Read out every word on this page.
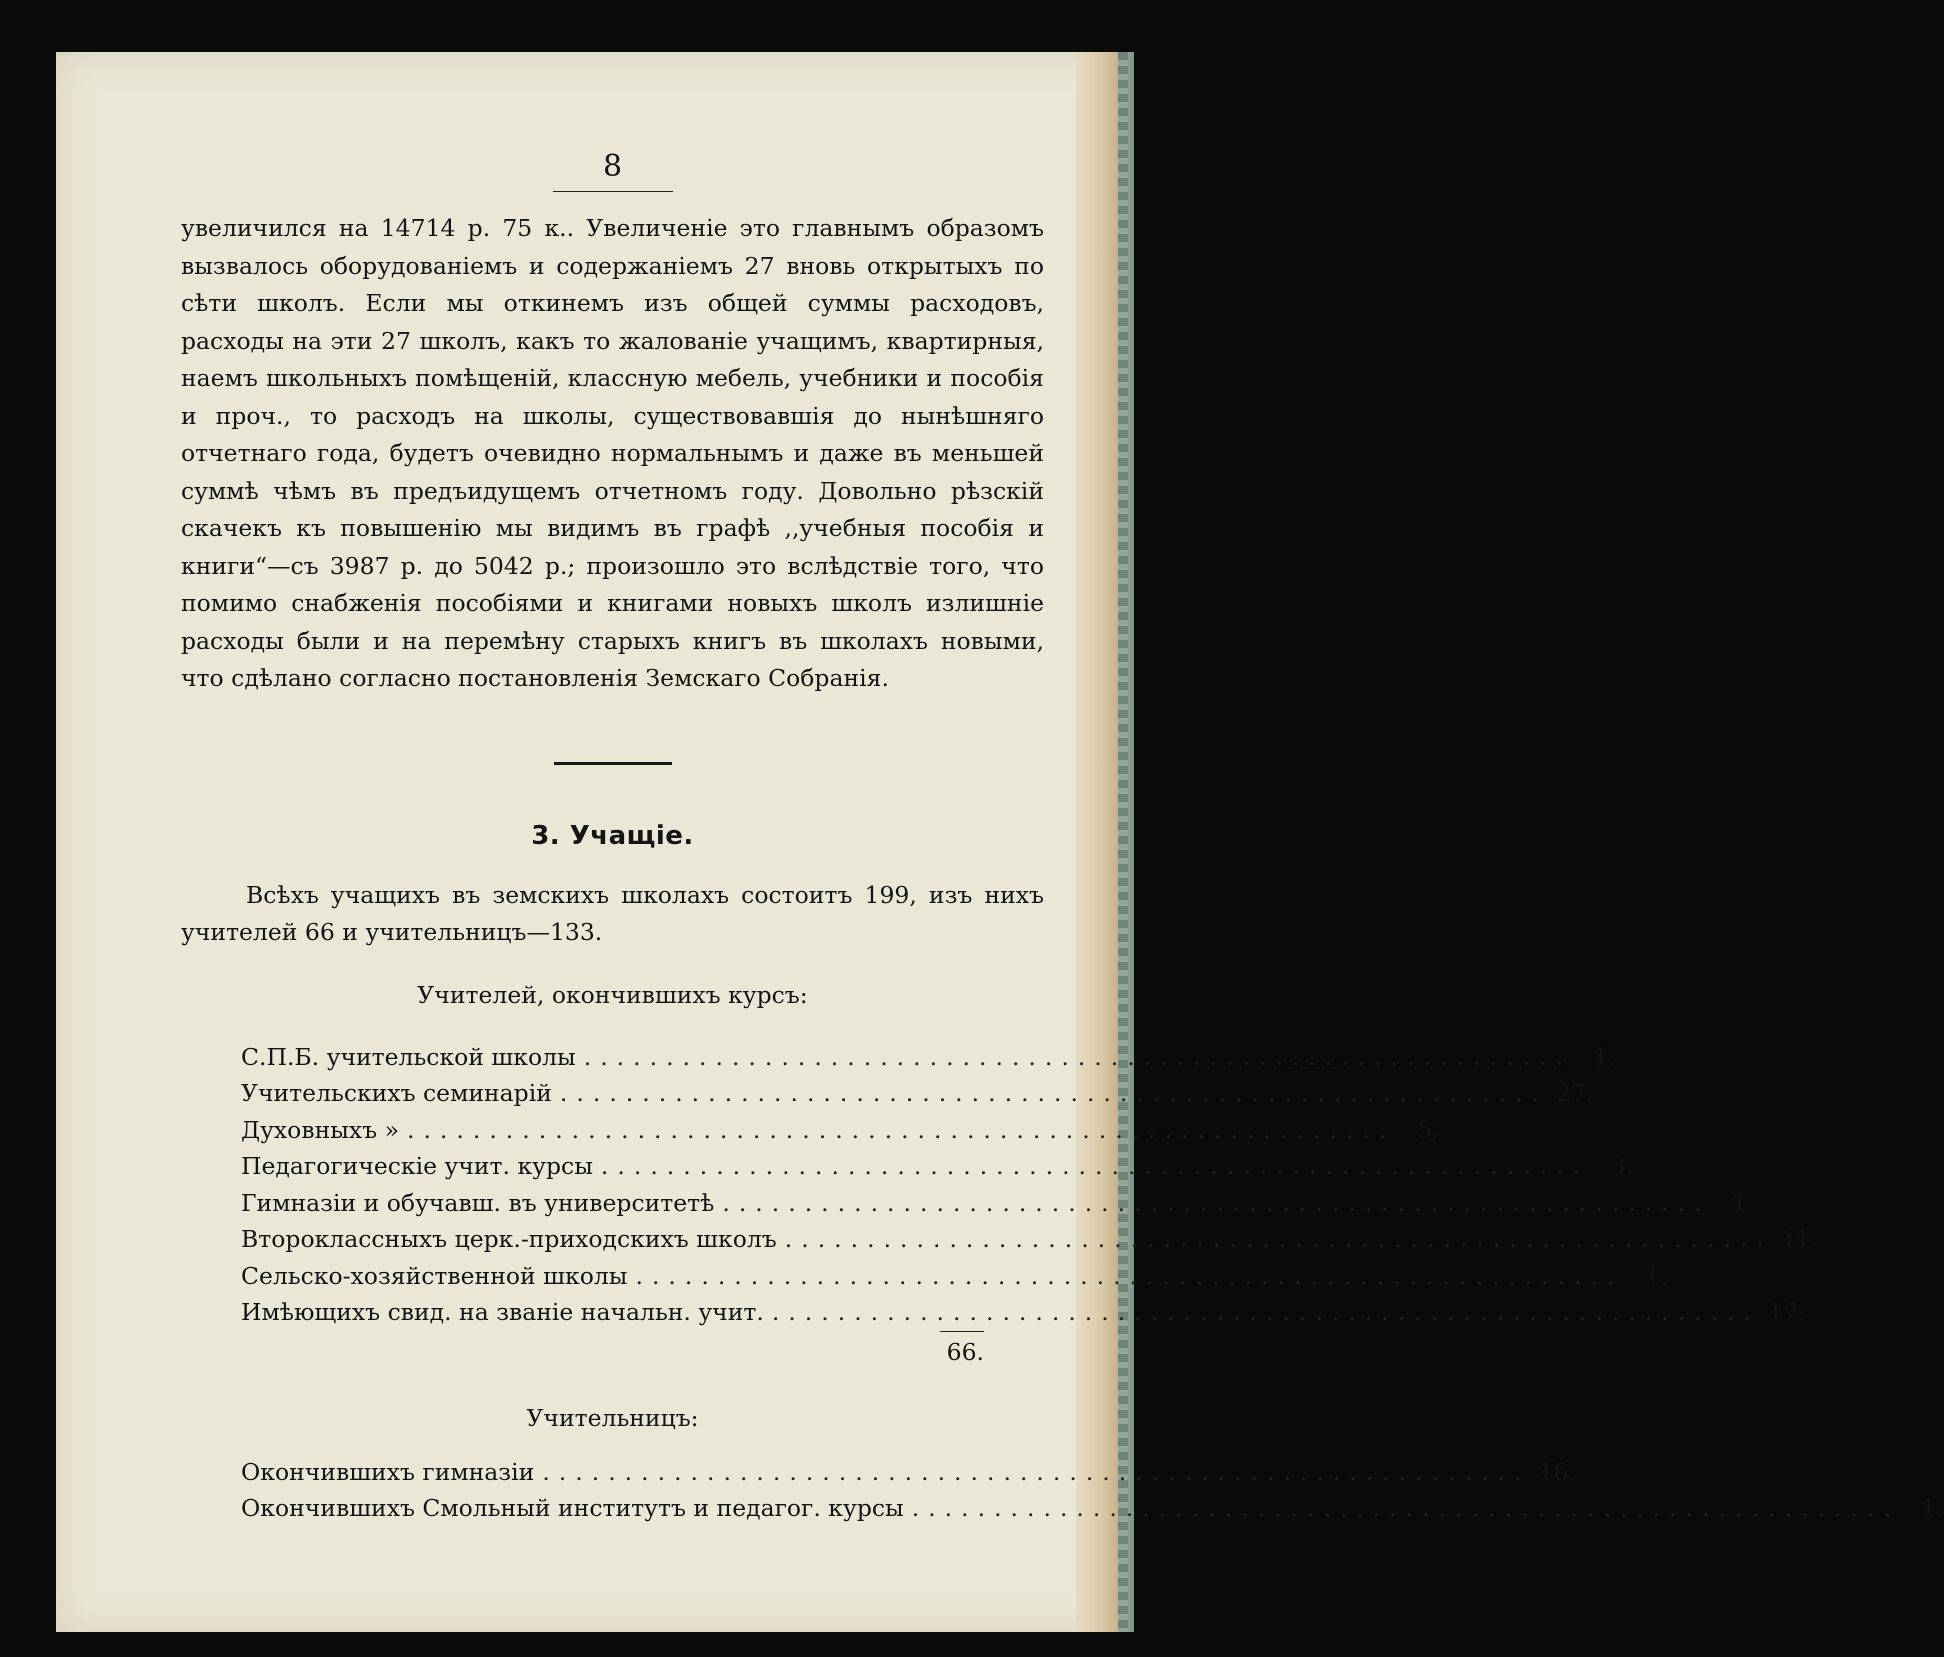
8
увеличился на 14714 р. 75 к.. Увеличеніе это главнымъ образомъ вызвалось оборудованіемъ и содержаніемъ 27 вновь открытыхъ по сѣти школъ. Если мы откинемъ изъ общей суммы расходовъ, расходы на эти 27 школъ, какъ то жалованіе учащимъ, квартирныя, наемъ школьныхъ помѣщеній, классную мебель, учебники и пособія и проч., то расходъ на школы, существовавшія до нынѣшняго отчетнаго года, будетъ очевидно нормальнымъ и даже въ меньшей суммѣ чѣмъ въ предъидущемъ отчетномъ году. Довольно рѣзскій скачекъ къ повышенію мы видимъ въ графѣ ,,учебныя пособія и книги“—съ 3987 р. до 5042 р.; произошло это вслѣдствіе того, что помимо снабженія пособіями и книгами новыхъ школъ излишніе расходы были и на перемѣну старыхъ книгъ въ школахъ новыми, что сдѣлано согласно постановленія Земскаго Собранія.
3. Учащіе.
Всѣхъ учащихъ въ земскихъ школахъ состоитъ 199, изъ нихъ учителей 66 и учительницъ—133.
Учителей, окончившихъ курсъ:
С.П.Б. учительской школы ............................................................ 1.
Учительскихъ семинарій ............................................................ 27.
Духовныхъ » ............................................................ 5.
Педагогическіе учит. курсы ............................................................ 3.
Гимназіи и обучавш. въ университетѣ ............................................................ 1.
Второклассныхъ церк.-приходскихъ школъ ............................................................ 11.
Сельско-хозяйственной школы ............................................................ 1.
Имѣющихъ свид. на званіе начальн. учит. ............................................................ 17.
66.
Учительницъ:
Окончившихъ гимназіи ............................................................ 16.
Окончившихъ Смольный институтъ и педагог. курсы ............................................................ 1.
